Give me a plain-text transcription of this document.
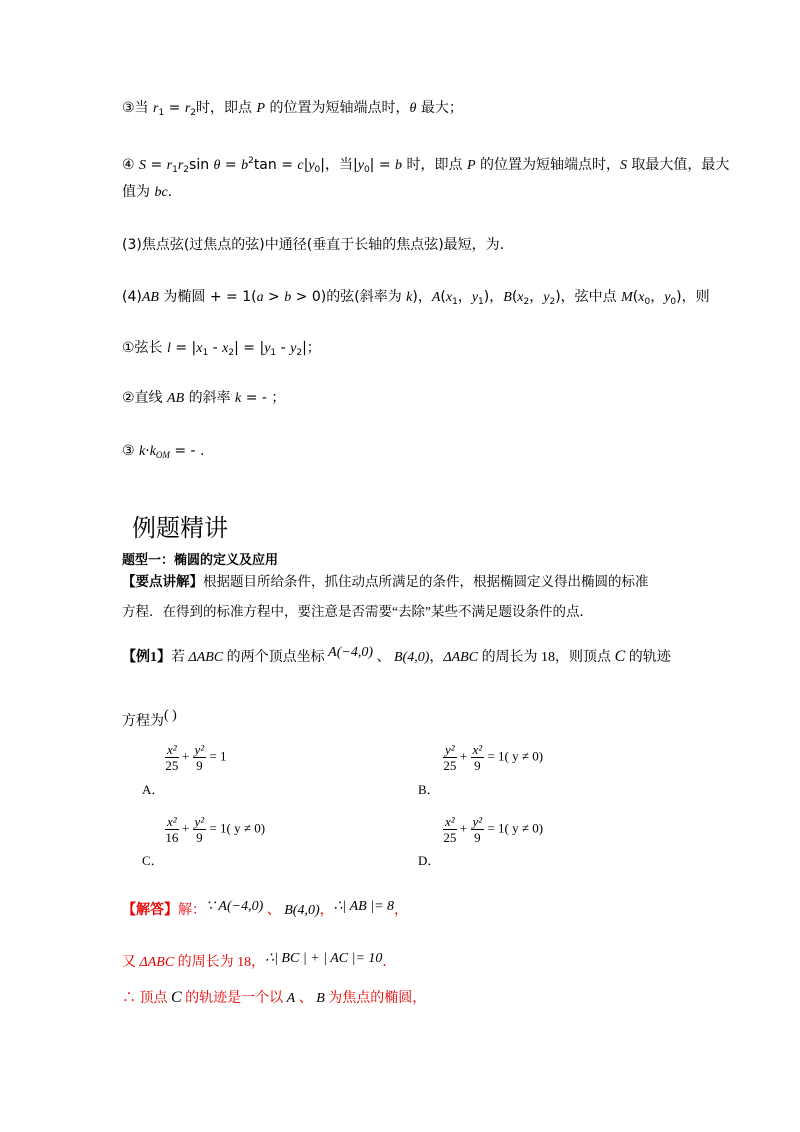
③当 $r_1 = r_2$时，即点 P 的位置为短轴端点时，θ 最大；
④ $S = r_1r_2\sin$ $\theta = b^2\tan = c|y_0|$，当$|y_0| = b$ 时，即点 P 的位置为短轴端点时，S 取最大值，最大
值为 bc.
(3)焦点弦(过焦点的弦)中通径(垂直于长轴的焦点弦)最短，为.
(4)AB 为椭圆 + = 1(a > b > 0)的弦(斜率为 k)，$A(x_1$，$y_1$)，$B(x_2$，$y_2$)，弦中点 $M(x_0$，$y_0$)，则
①弦长 $l = |x_1 - x_2| = |y_1 - y_2|$；
②直线 AB 的斜率 k = - ；
③ $k\cdot k_{OM}$ = - .
例题精讲
题型一：椭圆的定义及应用
【要点讲解】根据题目所给条件，抓住动点所满足的条件，根据椭圆定义得出椭圆的标准
方程．在得到的标准方程中，要注意是否需要“去除”某些不满足题设条件的点．
【例1】若 ΔABC 的两个顶点坐标 A(−4,0) 、 B(4,0)，ΔABC 的周长为 18，则顶点 C 的轨迹
方程为( )
$\frac{\text{x²}}{25} + \frac{\text{y²}}{9} = 1$
A．
$\frac{\text{y²}}{25} + \frac{\text{x²}}{9} = 1$( y ≠ 0)
B．
$\frac{\text{x²}}{16} + \frac{\text{y²}}{9} = 1$( y ≠ 0)
C．
$\frac{\text{x²}}{25} + \frac{\text{y²}}{9} = 1$( y ≠ 0)
D．
【解答】解：∵ A(−4,0) 、 B(4,0)，∴| AB |= 8，
又 ΔABC 的周长为 18，∴| BC | + | AC |= 10．
∴ 顶点 C 的轨迹是一个以 A 、 B 为焦点的椭圆，
